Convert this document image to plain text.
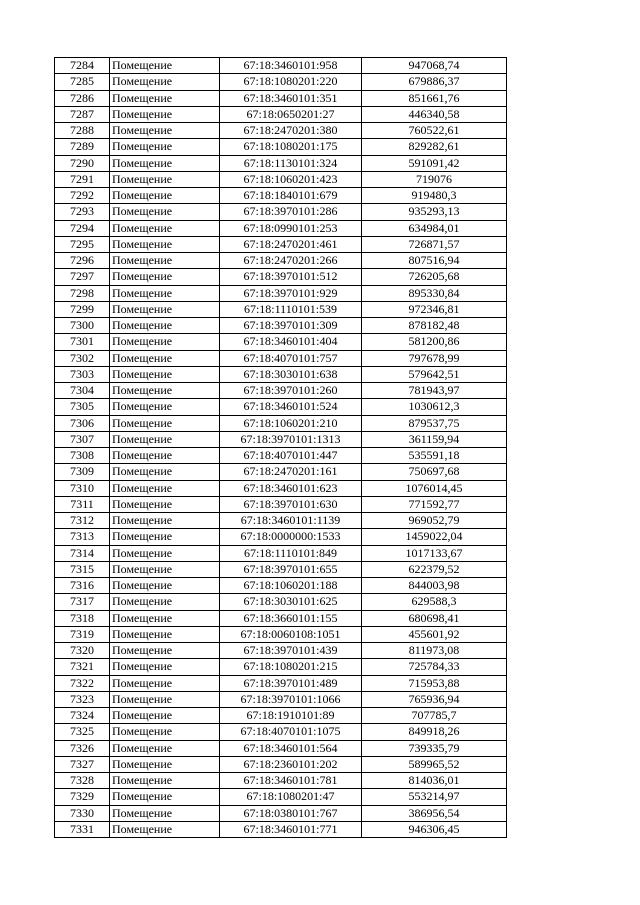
7284	Помещение	67:18:3460101:958	947068,74
7285	Помещение	67:18:1080201:220	679886,37
7286	Помещение	67:18:3460101:351	851661,76
7287	Помещение	67:18:0650201:27	446340,58
7288	Помещение	67:18:2470201:380	760522,61
7289	Помещение	67:18:1080201:175	829282,61
7290	Помещение	67:18:1130101:324	591091,42
7291	Помещение	67:18:1060201:423	719076
7292	Помещение	67:18:1840101:679	919480,3
7293	Помещение	67:18:3970101:286	935293,13
7294	Помещение	67:18:0990101:253	634984,01
7295	Помещение	67:18:2470201:461	726871,57
7296	Помещение	67:18:2470201:266	807516,94
7297	Помещение	67:18:3970101:512	726205,68
7298	Помещение	67:18:3970101:929	895330,84
7299	Помещение	67:18:1110101:539	972346,81
7300	Помещение	67:18:3970101:309	878182,48
7301	Помещение	67:18:3460101:404	581200,86
7302	Помещение	67:18:4070101:757	797678,99
7303	Помещение	67:18:3030101:638	579642,51
7304	Помещение	67:18:3970101:260	781943,97
7305	Помещение	67:18:3460101:524	1030612,3
7306	Помещение	67:18:1060201:210	879537,75
7307	Помещение	67:18:3970101:1313	361159,94
7308	Помещение	67:18:4070101:447	535591,18
7309	Помещение	67:18:2470201:161	750697,68
7310	Помещение	67:18:3460101:623	1076014,45
7311	Помещение	67:18:3970101:630	771592,77
7312	Помещение	67:18:3460101:1139	969052,79
7313	Помещение	67:18:0000000:1533	1459022,04
7314	Помещение	67:18:1110101:849	1017133,67
7315	Помещение	67:18:3970101:655	622379,52
7316	Помещение	67:18:1060201:188	844003,98
7317	Помещение	67:18:3030101:625	629588,3
7318	Помещение	67:18:3660101:155	680698,41
7319	Помещение	67:18:0060108:1051	455601,92
7320	Помещение	67:18:3970101:439	811973,08
7321	Помещение	67:18:1080201:215	725784,33
7322	Помещение	67:18:3970101:489	715953,88
7323	Помещение	67:18:3970101:1066	765936,94
7324	Помещение	67:18:1910101:89	707785,7
7325	Помещение	67:18:4070101:1075	849918,26
7326	Помещение	67:18:3460101:564	739335,79
7327	Помещение	67:18:2360101:202	589965,52
7328	Помещение	67:18:3460101:781	814036,01
7329	Помещение	67:18:1080201:47	553214,97
7330	Помещение	67:18:0380101:767	386956,54
7331	Помещение	67:18:3460101:771	946306,45
